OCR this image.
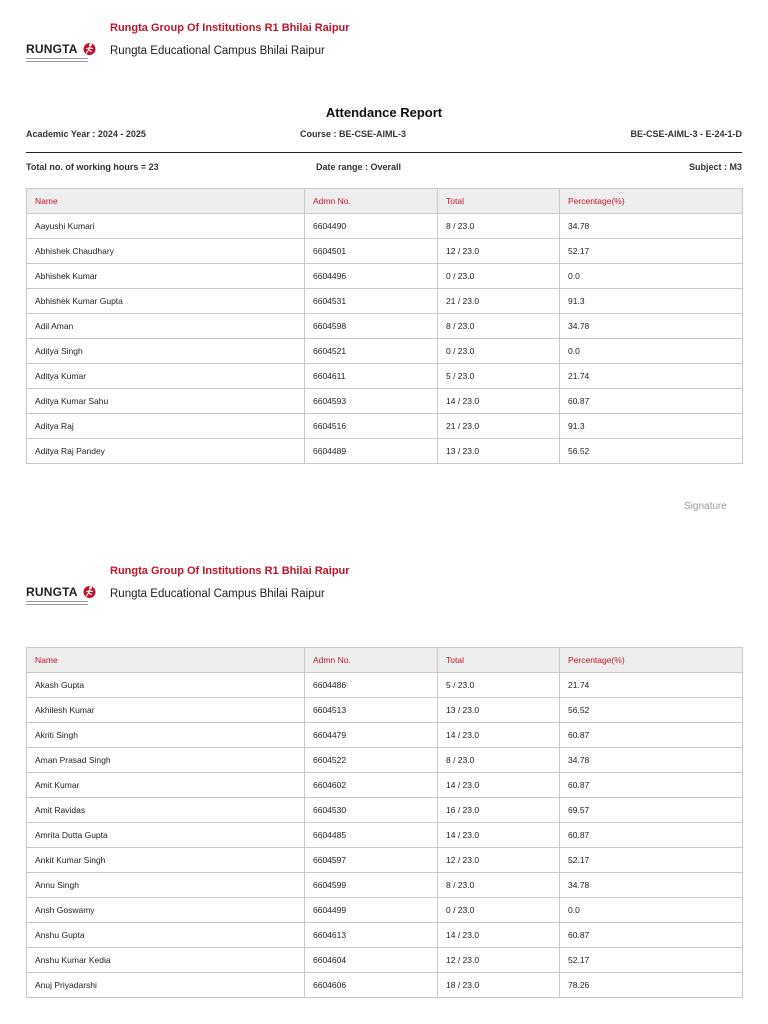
Rungta Group Of Institutions R1 Bhilai Raipur
RUNGTA	Rungta Educational Campus Bhilai Raipur
Attendance Report
Academic Year : 2024 - 2025	Course : BE-CSE-AIML-3	BE-CSE-AIML-3 - E-24-1-D
Total no. of working hours = 23	Date range : Overall	Subject : M3
Name	Admn No.	Total	Percentage(%)
Aayushi Kumari	6604490	8 / 23.0	34.78
Abhishek Chaudhary	6604501	12 / 23.0	52.17
Abhishek Kumar	6604496	0 / 23.0	0.0
Abhishek Kumar Gupta	6604531	21 / 23.0	91.3
Adil Aman	6604598	8 / 23.0	34.78
Aditya Singh	6604521	0 / 23.0	0.0
Aditya Kumar	6604611	5 / 23.0	21.74
Aditya Kumar Sahu	6604593	14 / 23.0	60.87
Aditya Raj	6604516	21 / 23.0	91.3
Aditya Raj Pandey	6604489	13 / 23.0	56.52
Signature
Rungta Group Of Institutions R1 Bhilai Raipur
RUNGTA	Rungta Educational Campus Bhilai Raipur
Name	Admn No.	Total	Percentage(%)
Akash Gupta	6604486	5 / 23.0	21.74
Akhilesh Kumar	6604513	13 / 23.0	56.52
Akriti Singh	6604479	14 / 23.0	60.87
Aman Prasad Singh	6604522	8 / 23.0	34.78
Amit Kumar	6604602	14 / 23.0	60.87
Amit Ravidas	6604530	16 / 23.0	69.57
Amrita Dutta Gupta	6604485	14 / 23.0	60.87
Ankit Kumar Singh	6604597	12 / 23.0	52.17
Annu Singh	6604599	8 / 23.0	34.78
Ansh Goswamy	6604499	0 / 23.0	0.0
Anshu Gupta	6604613	14 / 23.0	60.87
Anshu Kumar Kedia	6604604	12 / 23.0	52.17
Anuj Priyadarshi	6604606	18 / 23.0	78.26
